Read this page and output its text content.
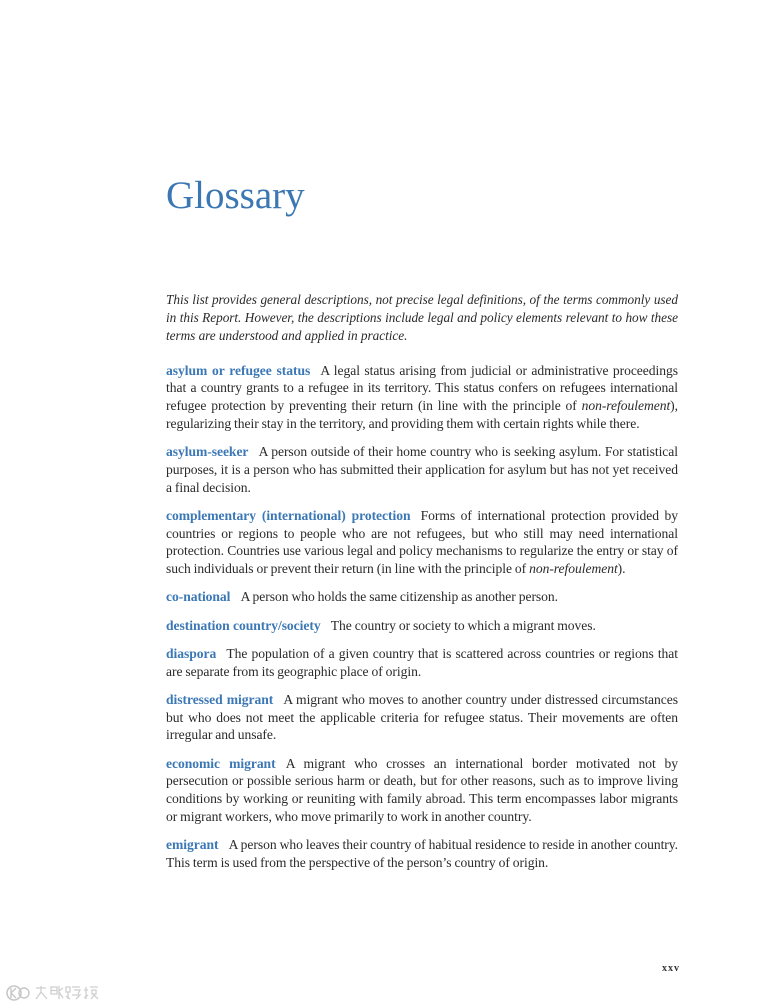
Glossary

This list provides general descriptions, not precise legal definitions, of the terms commonly used in this Report. However, the descriptions include legal and policy elements relevant to how these terms are understood and applied in practice.

asylum or refugee status A legal status arising from judicial or administrative proceedings that a country grants to a refugee in its territory. This status confers on refugees international refugee protection by preventing their return (in line with the principle of non-refoulement), regularizing their stay in the territory, and providing them with certain rights while there.

asylum-seeker A person outside of their home country who is seeking asylum. For statistical purposes, it is a person who has submitted their application for asylum but has not yet received a final decision.

complementary (international) protection Forms of international protection provided by countries or regions to people who are not refugees, but who still may need international protection. Countries use various legal and policy mechanisms to regularize the entry or stay of such individuals or prevent their return (in line with the principle of non-refoulement).

co-national A person who holds the same citizenship as another person.

destination country/society The country or society to which a migrant moves.

diaspora The population of a given country that is scattered across countries or regions that are separate from its geographic place of origin.

distressed migrant A migrant who moves to another country under distressed circumstances but who does not meet the applicable criteria for refugee status. Their movements are often irregular and unsafe.

economic migrant A migrant who crosses an international border motivated not by persecution or possible serious harm or death, but for other reasons, such as to improve living conditions by working or reuniting with family abroad. This term encompasses labor migrants or migrant workers, who move primarily to work in another country.

emigrant A person who leaves their country of habitual residence to reside in another country. This term is used from the perspective of the person’s country of origin.

xxv
